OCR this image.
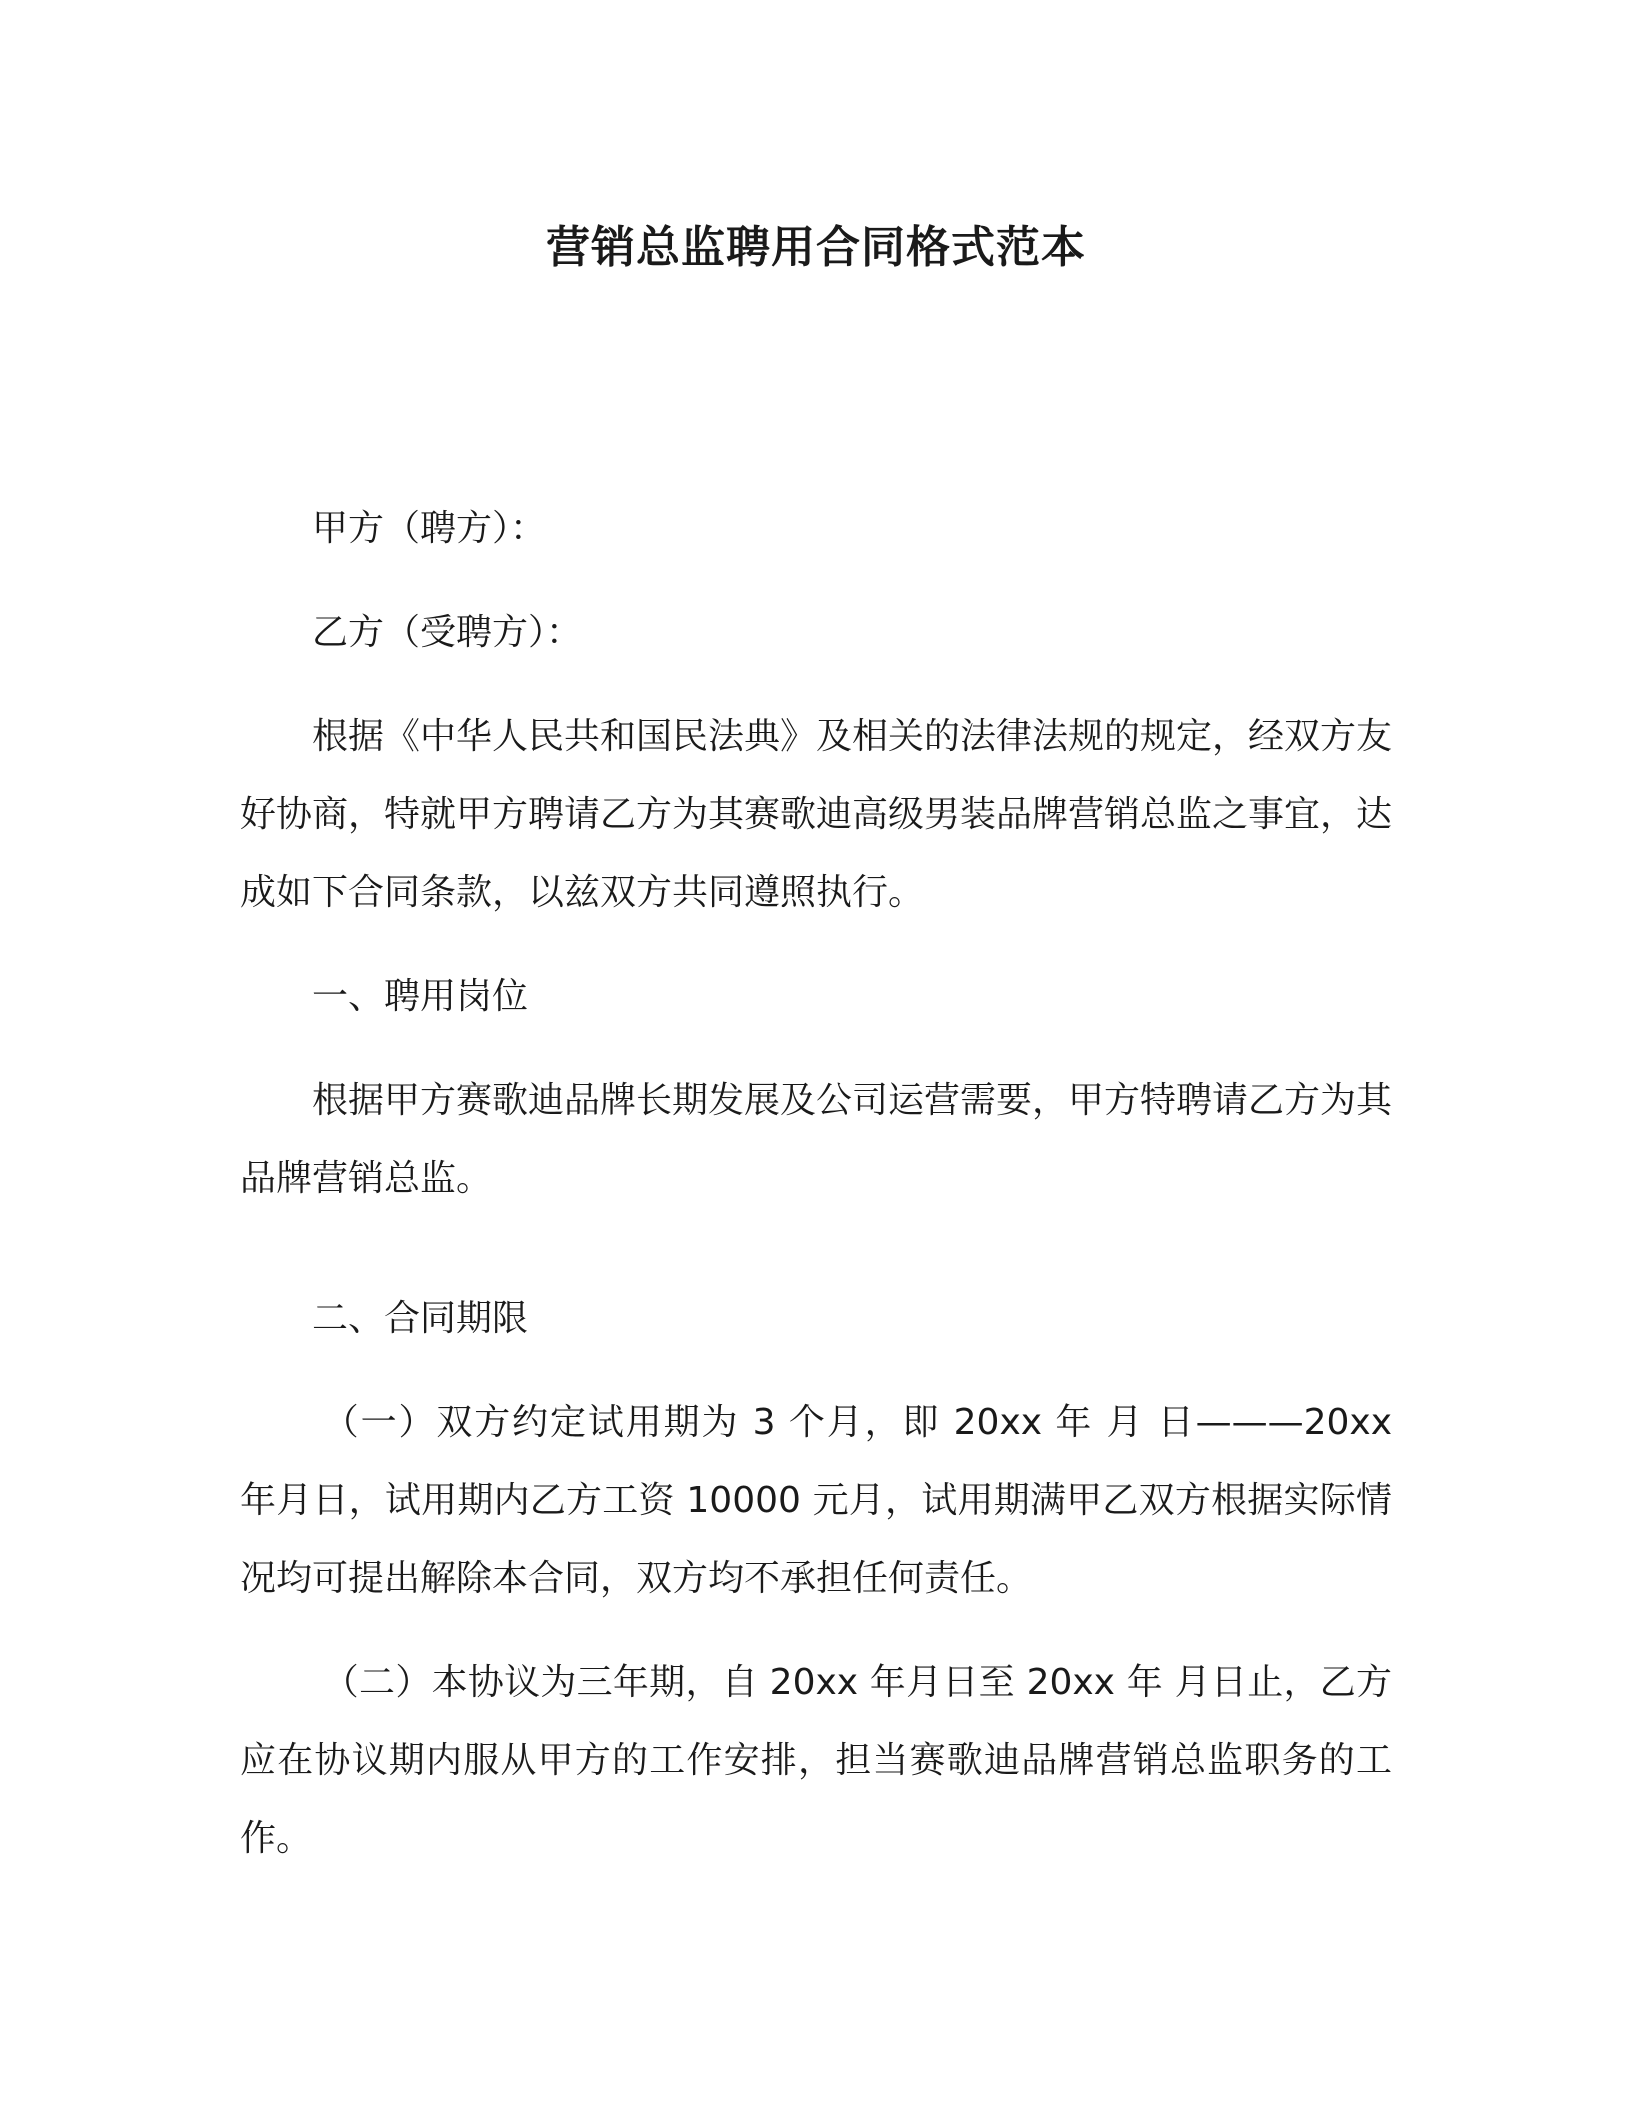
营销总监聘用合同格式范本

甲方（聘方）：

乙方（受聘方）：

根据《中华人民共和国民法典》及相关的法律法规的规定，经双方友好协商，特就甲方聘请乙方为其赛歌迪高级男装品牌营销总监之事宜，达成如下合同条款，以兹双方共同遵照执行。

一、聘用岗位

根据甲方赛歌迪品牌长期发展及公司运营需要，甲方特聘请乙方为其品牌营销总监。

二、合同期限

（一）双方约定试用期为 3 个月，即 20xx 年 月 日———20xx 年月日，试用期内乙方工资 10000 元月，试用期满甲乙双方根据实际情况均可提出解除本合同，双方均不承担任何责任。

（二）本协议为三年期，自 20xx 年月日至 20xx 年 月日止，乙方应在协议期内服从甲方的工作安排，担当赛歌迪品牌营销总监职务的工作。
